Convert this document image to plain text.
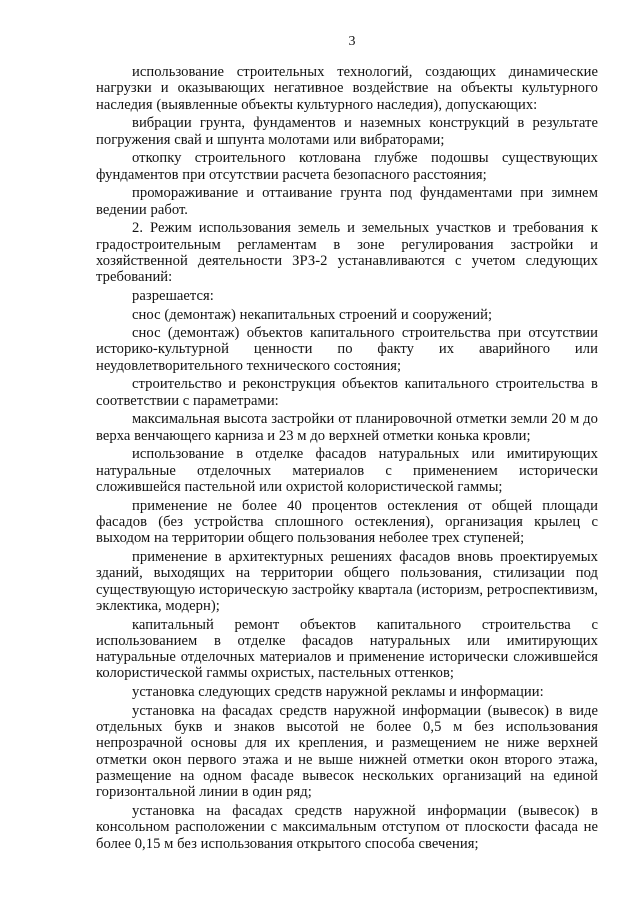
3

использование строительных технологий, создающих динамические нагрузки и оказывающих негативное воздействие на объекты культурного наследия (выявленные объекты культурного наследия), допускающих:

вибрации грунта, фундаментов и наземных конструкций в результате погружения свай и шпунта молотами или вибраторами;

откопку строительного котлована глубже подошвы существующих фундаментов при отсутствии расчета безопасного расстояния;

промораживание и оттаивание грунта под фундаментами при зимнем ведении работ.

2. Режим использования земель и земельных участков и требования к градостроительным регламентам в зоне регулирования застройки и хозяйственной деятельности ЗРЗ-2 устанавливаются с учетом следующих требований:

разрешается:

снос (демонтаж) некапитальных строений и сооружений;

снос (демонтаж) объектов капитального строительства при отсутствии историко-культурной ценности по факту их аварийного или неудовлетворительного технического состояния;

строительство и реконструкция объектов капитального строительства в соответствии с параметрами:

максимальная высота застройки от планировочной отметки земли 20 м до верха венчающего карниза и 23 м до верхней отметки конька кровли;

использование в отделке фасадов натуральных или имитирующих натуральные отделочных материалов с применением исторически сложившейся пастельной или охристой колористической гаммы;

применение не более 40 процентов остекления от общей площади фасадов (без устройства сплошного остекления), организация крылец с выходом на территории общего пользования неболее трех ступеней;

применение в архитектурных решениях фасадов вновь проектируемых зданий, выходящих на территории общего пользования, стилизации под существующую историческую застройку квартала (историзм, ретроспективизм, эклектика, модерн);

капитальный ремонт объектов капитального строительства с использованием в отделке фасадов натуральных или имитирующих натуральные отделочных материалов и применение исторически сложившейся колористической гаммы охристых, пастельных оттенков;

установка следующих средств наружной рекламы и информации:

установка на фасадах средств наружной информации (вывесок) в виде отдельных букв и знаков высотой не более 0,5 м без использования непрозрачной основы для их крепления, и размещением не ниже верхней отметки окон первого этажа и не выше нижней отметки окон второго этажа, размещение на одном фасаде вывесок нескольких организаций на единой горизонтальной линии в один ряд;

установка на фасадах средств наружной информации (вывесок) в консольном расположении с максимальным отступом от плоскости фасада не более 0,15 м без использования открытого способа свечения;
